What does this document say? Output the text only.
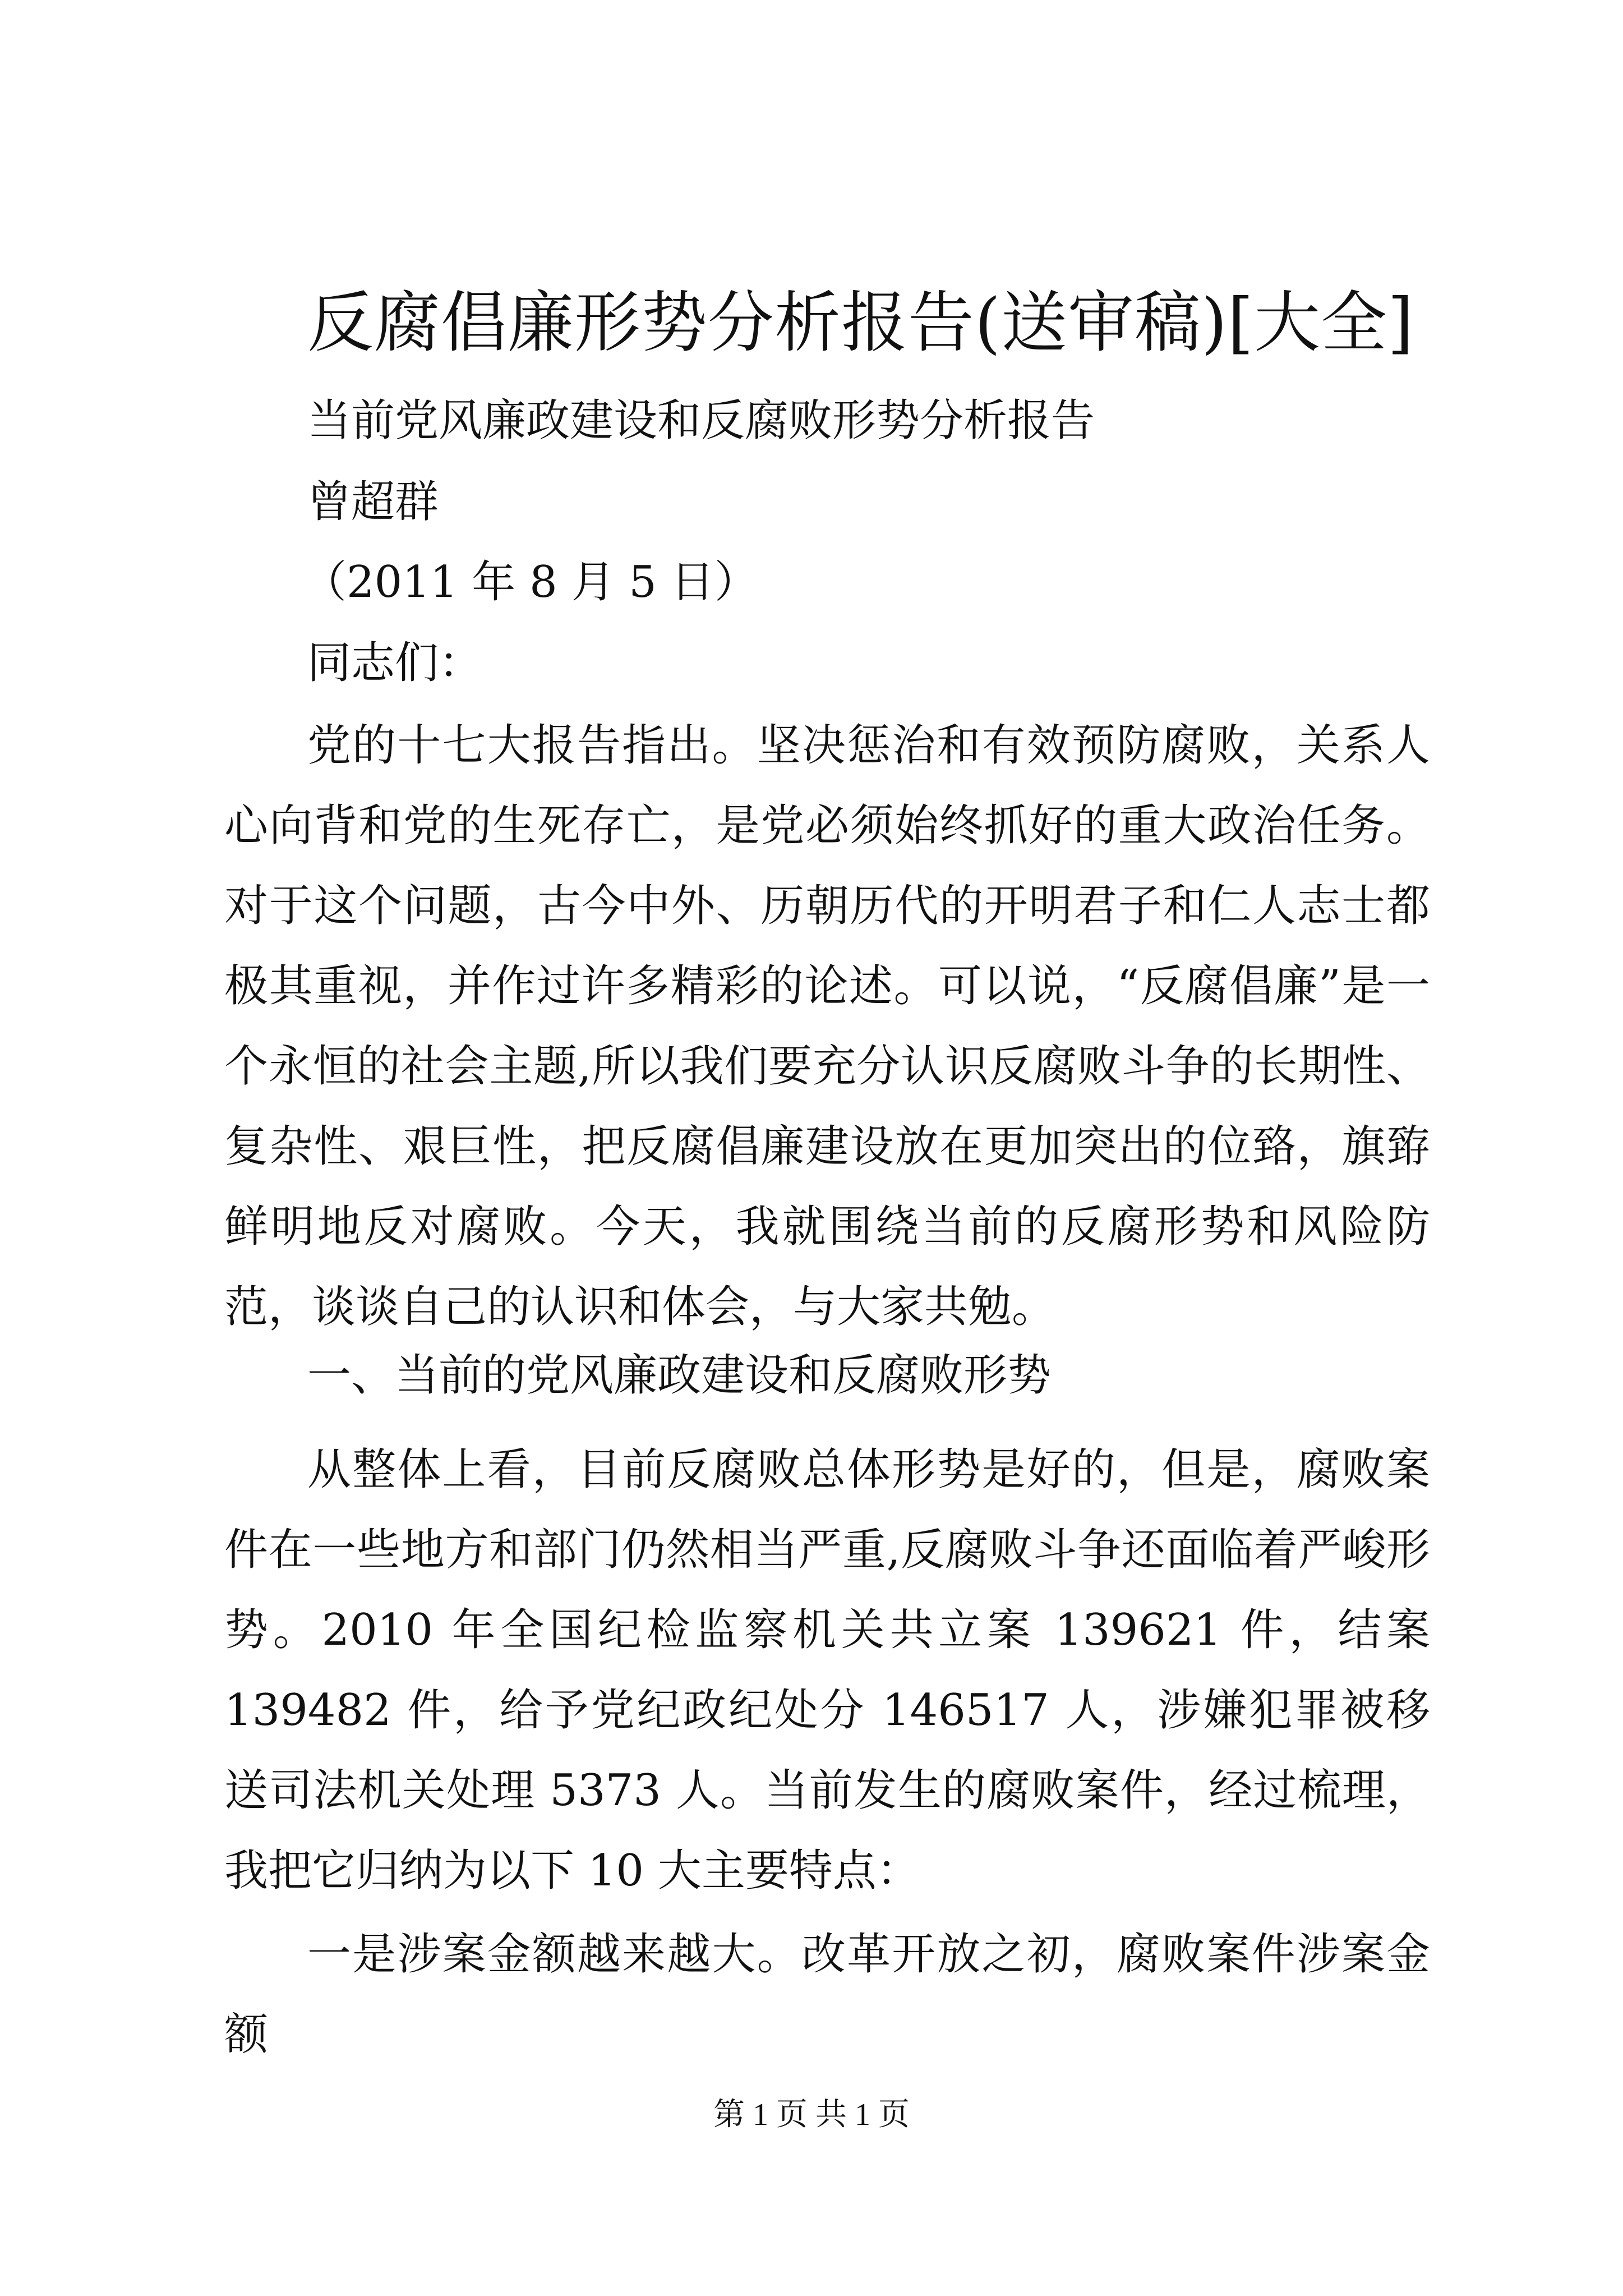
反腐倡廉形势分析报告(送审稿)[大全]
当前党风廉政建设和反腐败形势分析报告
曾超群
（2011 年 8 月 5 日）
同志们：

党的十七大报告指出。坚决惩治和有效预防腐败，关系人心向背和党的生死存亡，是党必须始终抓好的重大政治任务。对于这个问题，古今中外、历朝历代的开明君子和仁人志士都极其重视，并作过许多精彩的论述。可以说，“反腐倡廉”是一个永恒的社会主题,所以我们要充分认识反腐败斗争的长期性、复杂性、艰巨性，把反腐倡廉建设放在更加突出的位臵，旗臶鲜明地反对腐败。今天，我就围绕当前的反腐形势和风险防范，谈谈自己的认识和体会，与大家共勉。

一、当前的党风廉政建设和反腐败形势

从整体上看，目前反腐败总体形势是好的，但是，腐败案件在一些地方和部门仍然相当严重,反腐败斗争还面临着严峻形势。2010 年全国纪检监察机关共立案 139621 件，结案 139482 件，给予党纪政纪处分 146517 人，涉嫌犯罪被移送司法机关处理 5373 人。当前发生的腐败案件，经过梳理，我把它归纳为以下 10 大主要特点：

一是涉案金额越来越大。改革开放之初，腐败案件涉案金额

第 1 页 共 1 页
